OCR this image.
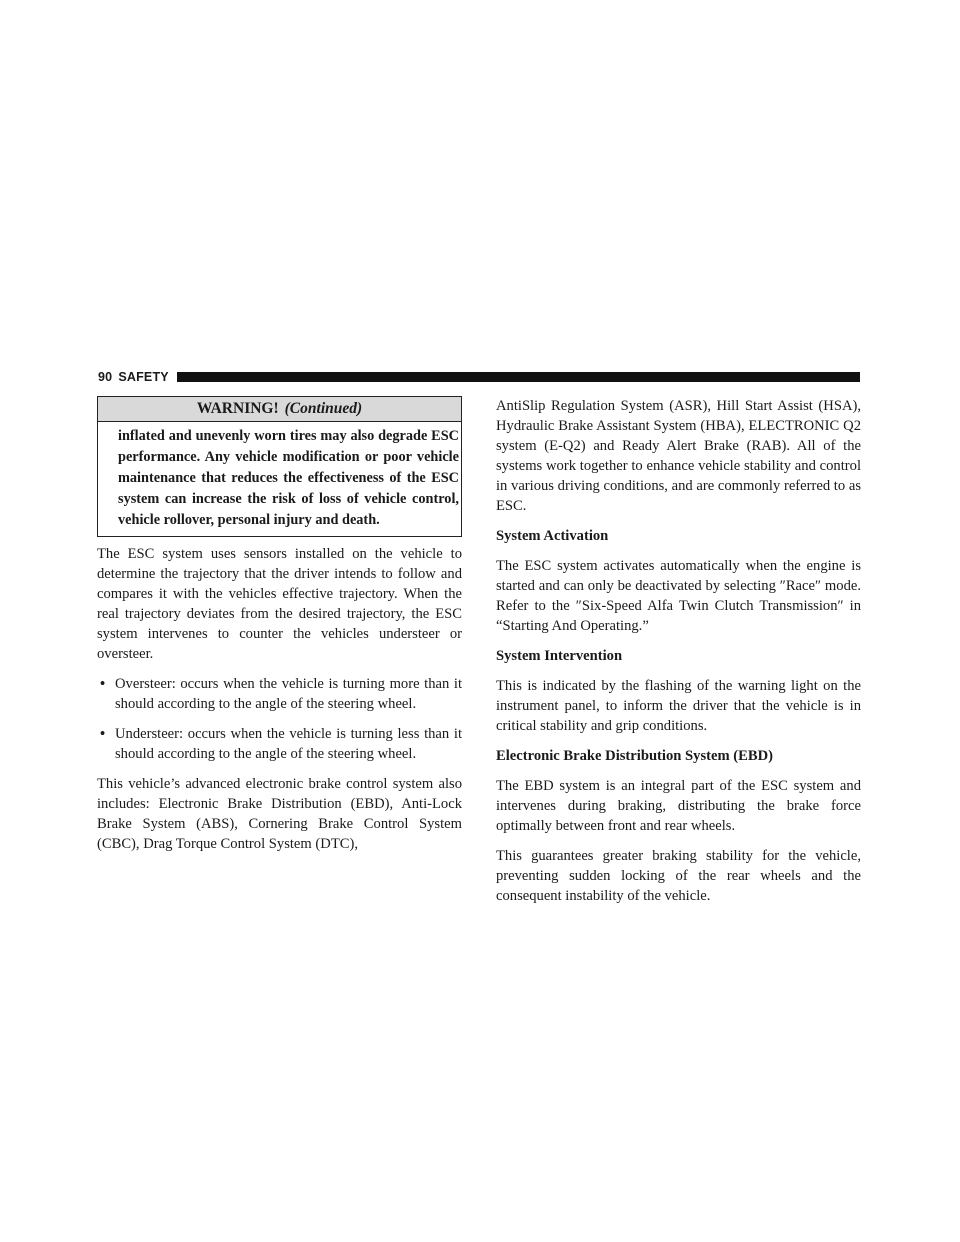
90 SAFETY
WARNING! (Continued)
inflated and unevenly worn tires may also degrade ESC performance. Any vehicle modification or poor vehicle maintenance that reduces the effectiveness of the ESC system can increase the risk of loss of vehicle control, vehicle rollover, personal injury and death.

The ESC system uses sensors installed on the vehicle to determine the trajectory that the driver intends to follow and compares it with the vehicles effective trajectory. When the real trajectory deviates from the desired trajectory, the ESC system intervenes to counter the vehicles understeer or oversteer.

• Oversteer: occurs when the vehicle is turning more than it should according to the angle of the steering wheel.
• Understeer: occurs when the vehicle is turning less than it should according to the angle of the steering wheel.

This vehicle’s advanced electronic brake control system also includes: Electronic Brake Distribution (EBD), Anti-Lock Brake System (ABS), Cornering Brake Control System (CBC), Drag Torque Control System (DTC),

AntiSlip Regulation System (ASR), Hill Start Assist (HSA), Hydraulic Brake Assistant System (HBA), ELECTRONIC Q2 system (E-Q2) and Ready Alert Brake (RAB). All of the systems work together to enhance vehicle stability and control in various driving conditions, and are commonly referred to as ESC.

System Activation

The ESC system activates automatically when the engine is started and can only be deactivated by selecting ″Race″ mode. Refer to the ″Six-Speed Alfa Twin Clutch Transmission″ in “Starting And Operating.”

System Intervention

This is indicated by the flashing of the warning light on the instrument panel, to inform the driver that the vehicle is in critical stability and grip conditions.

Electronic Brake Distribution System (EBD)

The EBD system is an integral part of the ESC system and intervenes during braking, distributing the brake force optimally between front and rear wheels.

This guarantees greater braking stability for the vehicle, preventing sudden locking of the rear wheels and the consequent instability of the vehicle.
